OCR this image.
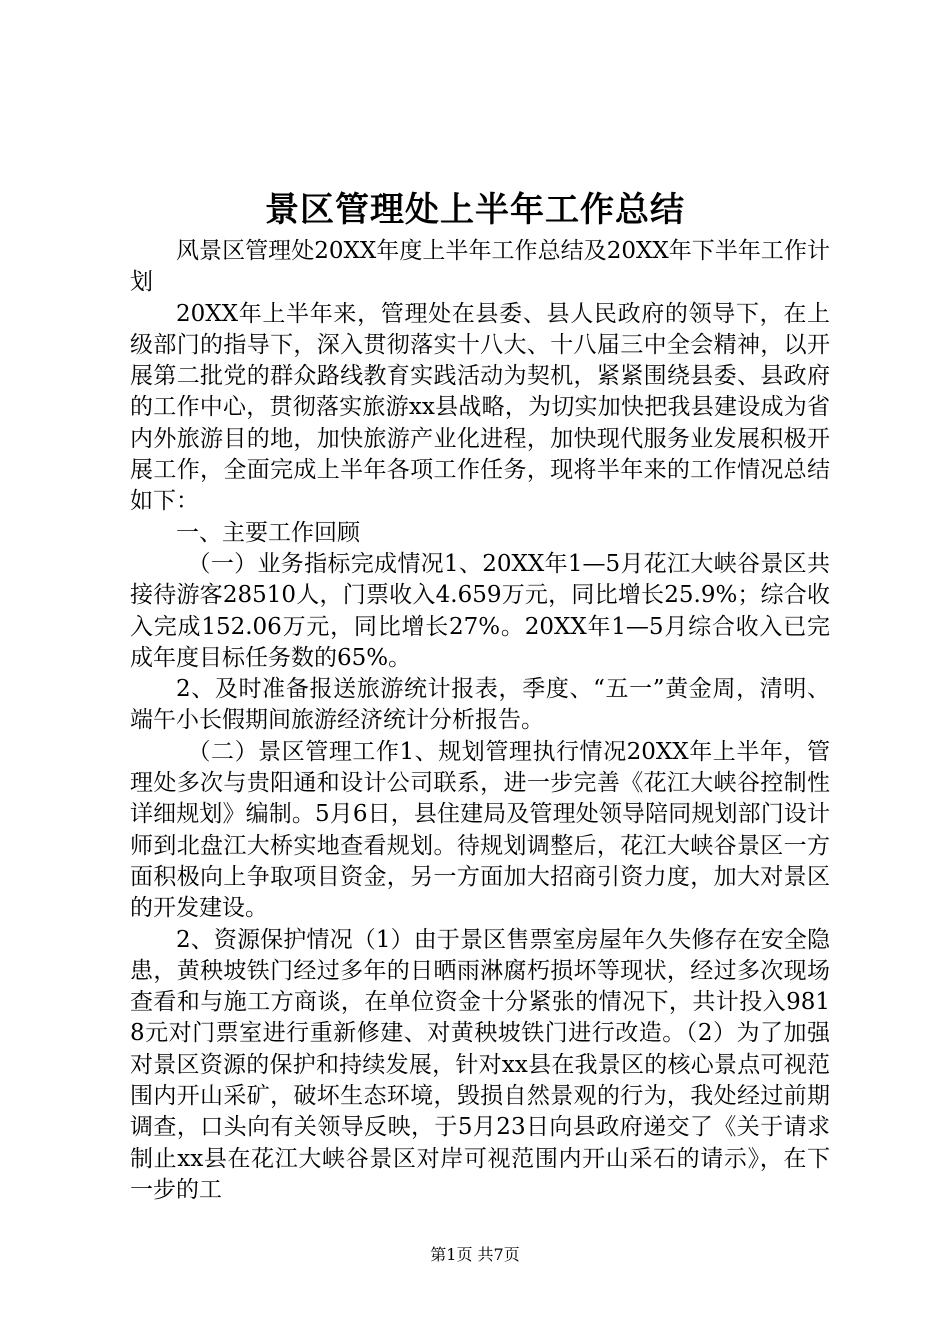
景区管理处上半年工作总结

风景区管理处20XX年度上半年工作总结及20XX年下半年工作计划

20XX年上半年来，管理处在县委、县人民政府的领导下，在上级部门的指导下，深入贯彻落实十八大、十八届三中全会精神，以开展第二批党的群众路线教育实践活动为契机，紧紧围绕县委、县政府的工作中心，贯彻落实旅游xx县战略，为切实加快把我县建设成为省内外旅游目的地，加快旅游产业化进程，加快现代服务业发展积极开展工作，全面完成上半年各项工作任务，现将半年来的工作情况总结如下：

一、主要工作回顾

（一）业务指标完成情况1、20XX年1—5月花江大峡谷景区共接待游客28510人，门票收入4.659万元，同比增长25.9%；综合收入完成152.06万元，同比增长27%。20XX年1—5月综合收入已完成年度目标任务数的65%。

2、及时准备报送旅游统计报表，季度、“五一”黄金周，清明、端午小长假期间旅游经济统计分析报告。

（二）景区管理工作1、规划管理执行情况20XX年上半年，管理处多次与贵阳通和设计公司联系，进一步完善《花江大峡谷控制性详细规划》编制。5月6日，县住建局及管理处领导陪同规划部门设计师到北盘江大桥实地查看规划。待规划调整后，花江大峡谷景区一方面积极向上争取项目资金，另一方面加大招商引资力度，加大对景区的开发建设。

2、资源保护情况（1）由于景区售票室房屋年久失修存在安全隐患，黄秧坡铁门经过多年的日晒雨淋腐朽损坏等现状，经过多次现场查看和与施工方商谈，在单位资金十分紧张的情况下，共计投入9818元对门票室进行重新修建、对黄秧坡铁门进行改造。（2）为了加强对景区资源的保护和持续发展，针对xx县在我景区的核心景点可视范围内开山采矿，破坏生态环境，毁损自然景观的行为，我处经过前期调查，口头向有关领导反映，于5月23日向县政府递交了《关于请求制止xx县在花江大峡谷景区对岸可视范围内开山采石的请示》，在下一步的工

第1页 共7页
